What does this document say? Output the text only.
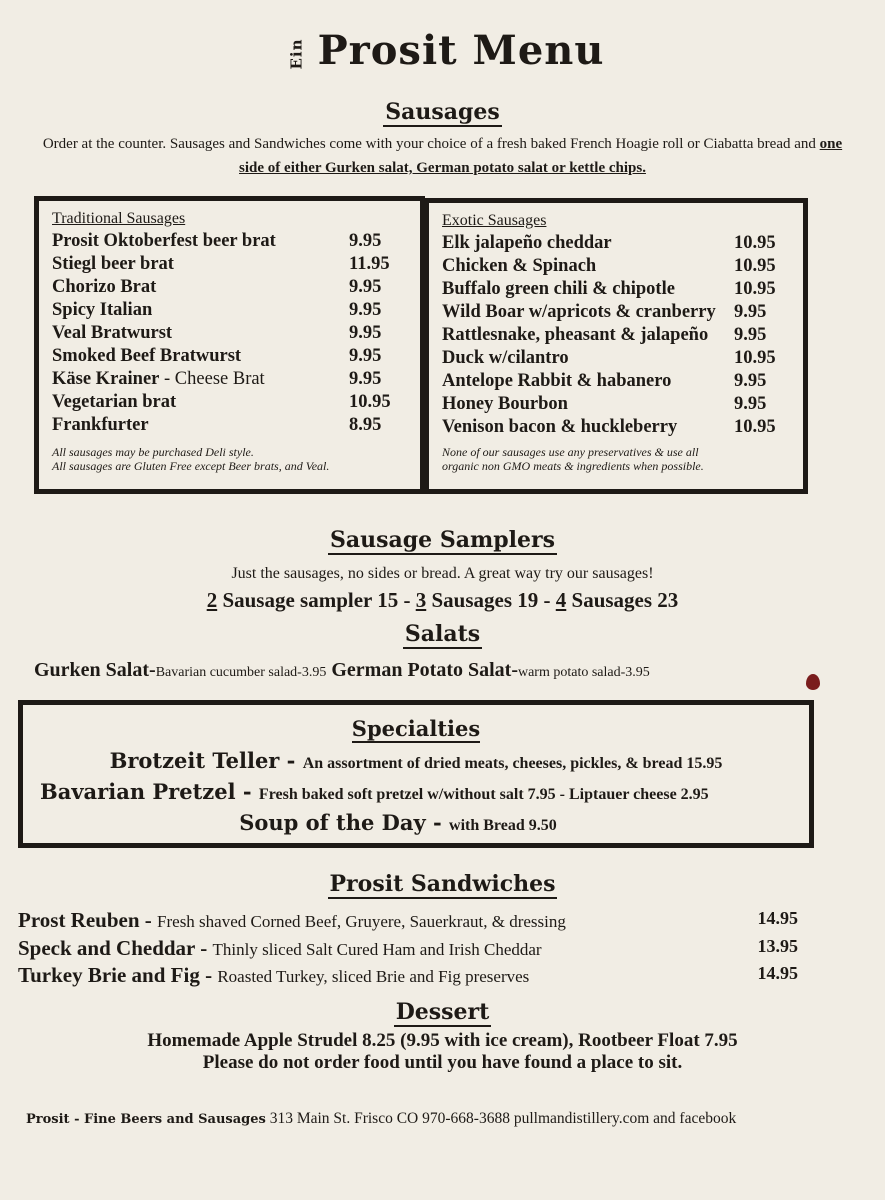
Ein Prosit Menu
Sausages
Order at the counter. Sausages and Sandwiches come with your choice of a fresh baked French Hoagie roll or Ciabatta bread and one side of either Gurken salat, German potato salat or kettle chips.
Traditional Sausages
Prosit Oktoberfest beer brat	9.95
Stiegl beer brat	11.95
Chorizo Brat	9.95
Spicy Italian	9.95
Veal Bratwurst	9.95
Smoked Beef Bratwurst	9.95
Käse Krainer - Cheese Brat	9.95
Vegetarian brat	10.95
Frankfurter	8.95
All sausages may be purchased Deli style.
All sausages are Gluten Free except Beer brats, and Veal.
Exotic Sausages
Elk jalapeño cheddar	10.95
Chicken & Spinach	10.95
Buffalo green chili & chipotle	10.95
Wild Boar w/apricots & cranberry 9.95
Rattlesnake, pheasant & jalapeño 9.95
Duck w/cilantro	10.95
Antelope Rabbit & habanero	9.95
Honey Bourbon	9.95
Venison bacon & huckleberry	10.95
None of our sausages use any preservatives & use all
organic non GMO meats & ingredients when possible.
Sausage Samplers
Just the sausages, no sides or bread. A great way try our sausages!
2 Sausage sampler 15 - 3 Sausages 19 - 4 Sausages 23
Salats
Gurken Salat-Bavarian cucumber salad-3.95 German Potato Salat-warm potato salad-3.95
Specialties
Brotzeit Teller - An assortment of dried meats, cheeses, pickles, & bread 15.95
Bavarian Pretzel - Fresh baked soft pretzel w/without salt 7.95 - Liptauer cheese 2.95
Soup of the Day - with Bread 9.50
Prosit Sandwiches
Prost Reuben - Fresh shaved Corned Beef, Gruyere, Sauerkraut, & dressing	14.95
Speck and Cheddar - Thinly sliced Salt Cured Ham and Irish Cheddar	13.95
Turkey Brie and Fig - Roasted Turkey, sliced Brie and Fig preserves	14.95
Dessert
Homemade Apple Strudel 8.25 (9.95 with ice cream), Rootbeer Float 7.95
Please do not order food until you have found a place to sit.
Prosit - Fine Beers and Sausages 313 Main St. Frisco CO 970-668-3688 pullmandistillery.com and facebook
